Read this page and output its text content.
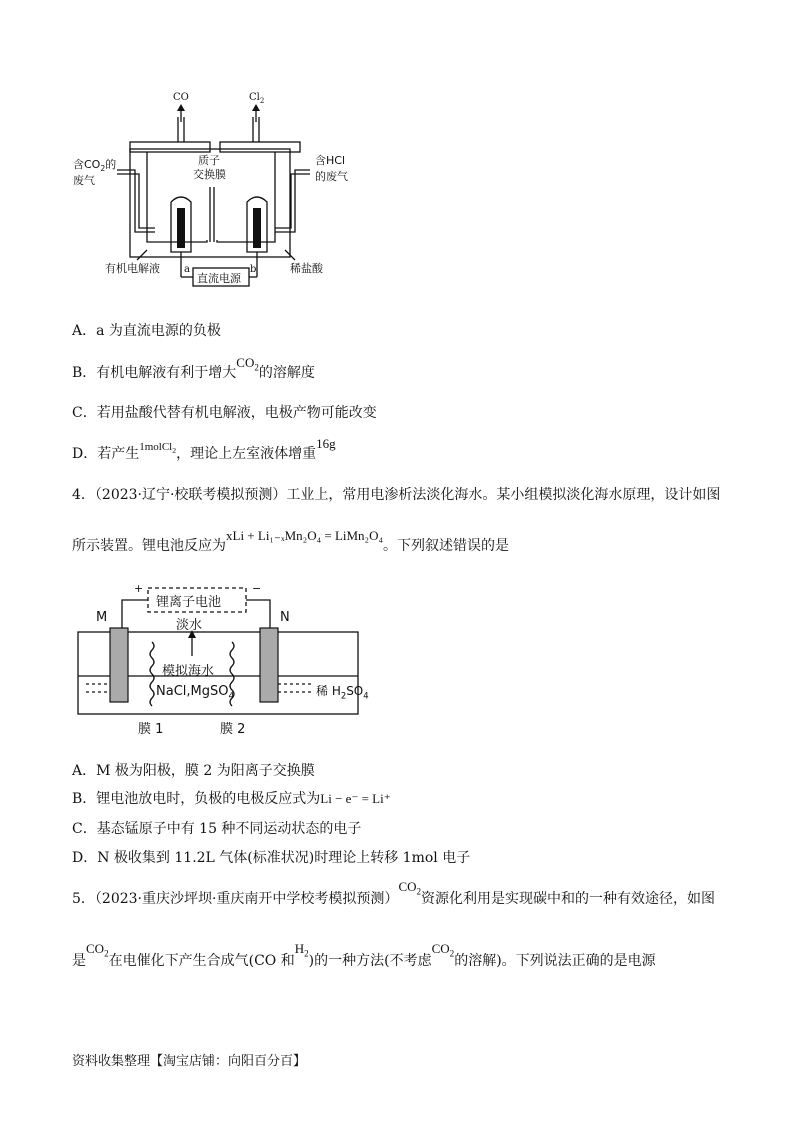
CO	$Cl_2$
含$CO_2$的
废气
质子
交换膜
含HCl
的废气
有机电解液	稀盐酸
a	b
直流电源
A．a 为直流电源的负极
B．有机电解液有利于增大$CO_2$的溶解度
C．若用盐酸代替有机电解液，电极产物可能改变
D．若产生$^{1molCl_2}$，理论上左室液体增重16g
4．（2023·辽宁·校联考模拟预测）工业上，常用电渗析法淡化海水。某小组模拟淡化海水原理，设计如图
所示装置。锂电池反应为xLi + Li₁₋ₓMn₂O₄ = LiMn₂O₄。下列叙述错误的是
锂离子电池
+	−
M	N
淡水
模拟海水
NaCl,MgSO$_4$	稀 $H_2SO_4$
膜 1	膜 2
A．M 极为阳极，膜 2 为阳离子交换膜
B．锂电池放电时，负极的电极反应式为Li − e⁻ = Li⁺
C．基态锰原子中有 15 种不同运动状态的电子
D．N 极收集到 11.2L 气体(标准状况)时理论上转移 1mol 电子
5．（2023·重庆沙坪坝·重庆南开中学校考模拟预测）$CO_2$资源化利用是实现碳中和的一种有效途径，如图
是$CO_2$在电催化下产生合成气(CO 和$H_2$)的一种方法(不考虑$CO_2$的溶解)。下列说法正确的是电源
资料收集整理【淘宝店铺：向阳百分百】
